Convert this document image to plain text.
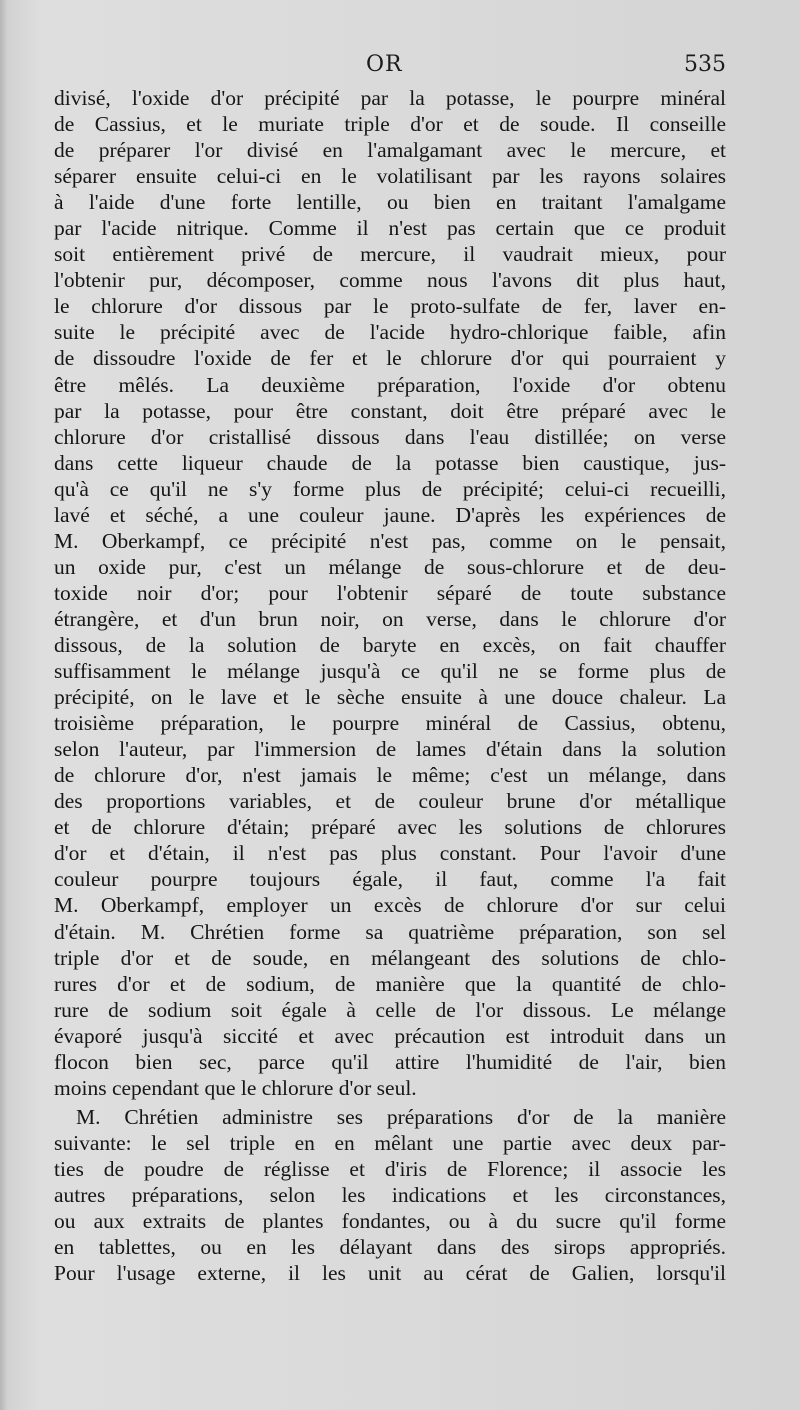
OR	535
divisé, l'oxide d'or précipité par la potasse, le pourpre minéral
de Cassius, et le muriate triple d'or et de soude. Il conseille
de préparer l'or divisé en l'amalgamant avec le mercure, et
séparer ensuite celui-ci en le volatilisant par les rayons solaires
à l'aide d'une forte lentille, ou bien en traitant l'amalgame
par l'acide nitrique. Comme il n'est pas certain que ce produit
soit entièrement privé de mercure, il vaudrait mieux, pour
l'obtenir pur, décomposer, comme nous l'avons dit plus haut,
le chlorure d'or dissous par le proto-sulfate de fer, laver en-
suite le précipité avec de l'acide hydro-chlorique faible, afin
de dissoudre l'oxide de fer et le chlorure d'or qui pourraient y
être mêlés. La deuxième préparation, l'oxide d'or obtenu
par la potasse, pour être constant, doit être préparé avec le
chlorure d'or cristallisé dissous dans l'eau distillée; on verse
dans cette liqueur chaude de la potasse bien caustique, jus-
qu'à ce qu'il ne s'y forme plus de précipité; celui-ci recueilli,
lavé et séché, a une couleur jaune. D'après les expériences de
M. Oberkampf, ce précipité n'est pas, comme on le pensait,
un oxide pur, c'est un mélange de sous-chlorure et de deu-
toxide noir d'or; pour l'obtenir séparé de toute substance
étrangère, et d'un brun noir, on verse, dans le chlorure d'or
dissous, de la solution de baryte en excès, on fait chauffer
suffisamment le mélange jusqu'à ce qu'il ne se forme plus de
précipité, on le lave et le sèche ensuite à une douce chaleur. La
troisième préparation, le pourpre minéral de Cassius, obtenu,
selon l'auteur, par l'immersion de lames d'étain dans la solution
de chlorure d'or, n'est jamais le même; c'est un mélange, dans
des proportions variables, et de couleur brune d'or métallique
et de chlorure d'étain; préparé avec les solutions de chlorures
d'or et d'étain, il n'est pas plus constant. Pour l'avoir d'une
couleur pourpre toujours égale, il faut, comme l'a fait
M. Oberkampf, employer un excès de chlorure d'or sur celui
d'étain. M. Chrétien forme sa quatrième préparation, son sel
triple d'or et de soude, en mélangeant des solutions de chlo-
rures d'or et de sodium, de manière que la quantité de chlo-
rure de sodium soit égale à celle de l'or dissous. Le mélange
évaporé jusqu'à siccité et avec précaution est introduit dans un
flocon bien sec, parce qu'il attire l'humidité de l'air, bien
moins cependant que le chlorure d'or seul.
M. Chrétien administre ses préparations d'or de la manière
suivante: le sel triple en en mêlant une partie avec deux par-
ties de poudre de réglisse et d'iris de Florence; il associe les
autres préparations, selon les indications et les circonstances,
ou aux extraits de plantes fondantes, ou à du sucre qu'il forme
en tablettes, ou en les délayant dans des sirops appropriés.
Pour l'usage externe, il les unit au cérat de Galien, lorsqu'il
